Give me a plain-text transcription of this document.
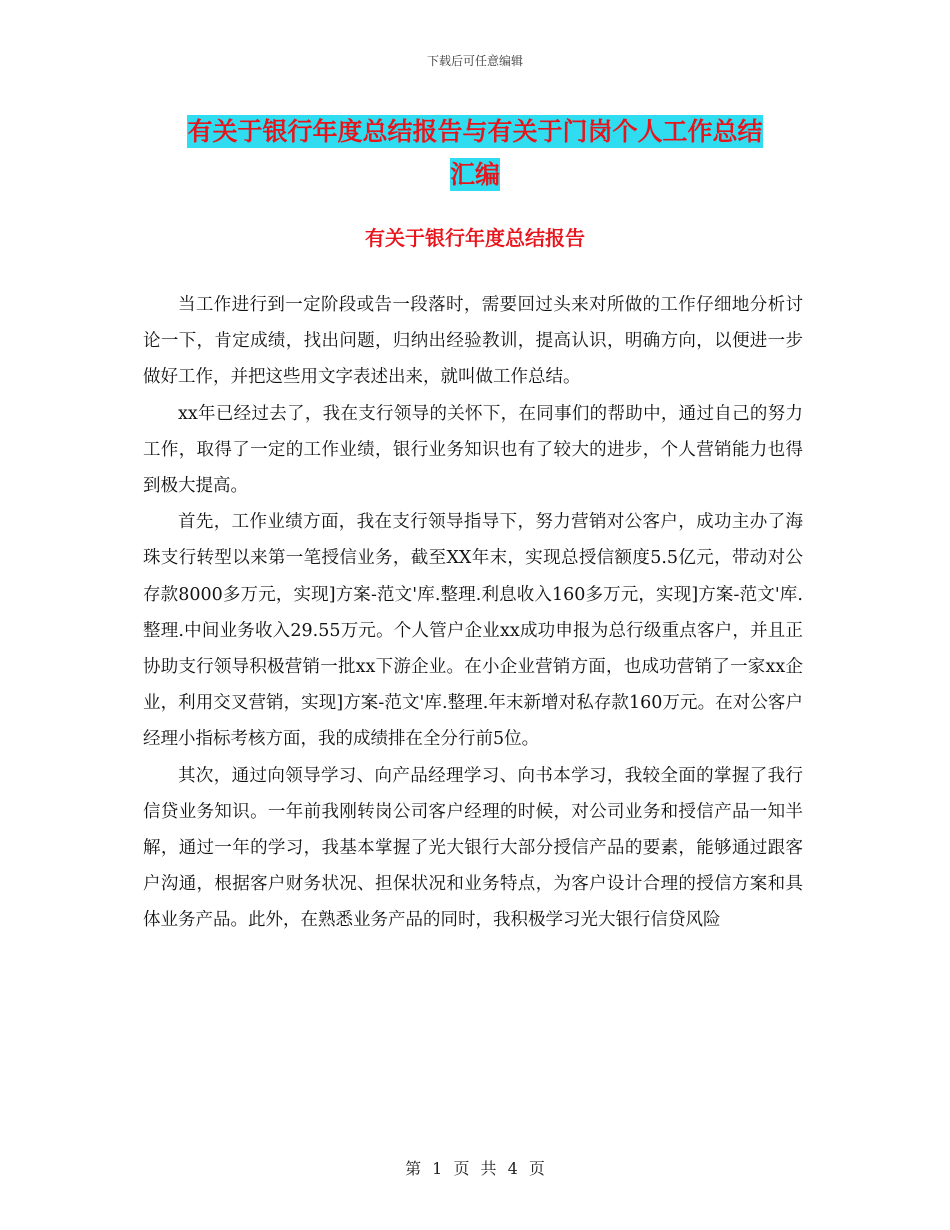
下载后可任意编辑
有关于银行年度总结报告与有关于门岗个人工作总结
汇编
有关于银行年度总结报告

当工作进行到一定阶段或告一段落时，需要回过头来对所做的工作仔细地分析讨论一下，肯定成绩，找出问题，归纳出经验教训，提高认识，明确方向，以便进一步做好工作，并把这些用文字表述出来，就叫做工作总结。

xx年已经过去了，我在支行领导的关怀下，在同事们的帮助中，通过自己的努力工作，取得了一定的工作业绩，银行业务知识也有了较大的进步，个人营销能力也得到极大提高。

首先，工作业绩方面，我在支行领导指导下，努力营销对公客户，成功主办了海珠支行转型以来第一笔授信业务，截至XX年末，实现总授信额度5.5亿元，带动对公存款8000多万元，实现]方案-范文'库.整理.利息收入160多万元，实现]方案-范文'库.整理.中间业务收入29.55万元。个人管户企业xx成功申报为总行级重点客户，并且正协助支行领导积极营销一批xx下游企业。在小企业营销方面，也成功营销了一家xx企业，利用交叉营销，实现]方案-范文'库.整理.年末新增对私存款160万元。在对公客户经理小指标考核方面，我的成绩排在全分行前5位。

其次，通过向领导学习、向产品经理学习、向书本学习，我较全面的掌握了我行信贷业务知识。一年前我刚转岗公司客户经理的时候，对公司业务和授信产品一知半解，通过一年的学习，我基本掌握了光大银行大部分授信产品的要素，能够通过跟客户沟通，根据客户财务状况、担保状况和业务特点，为客户设计合理的授信方案和具体业务产品。此外，在熟悉业务产品的同时，我积极学习光大银行信贷风险

第 1 页 共 4 页
